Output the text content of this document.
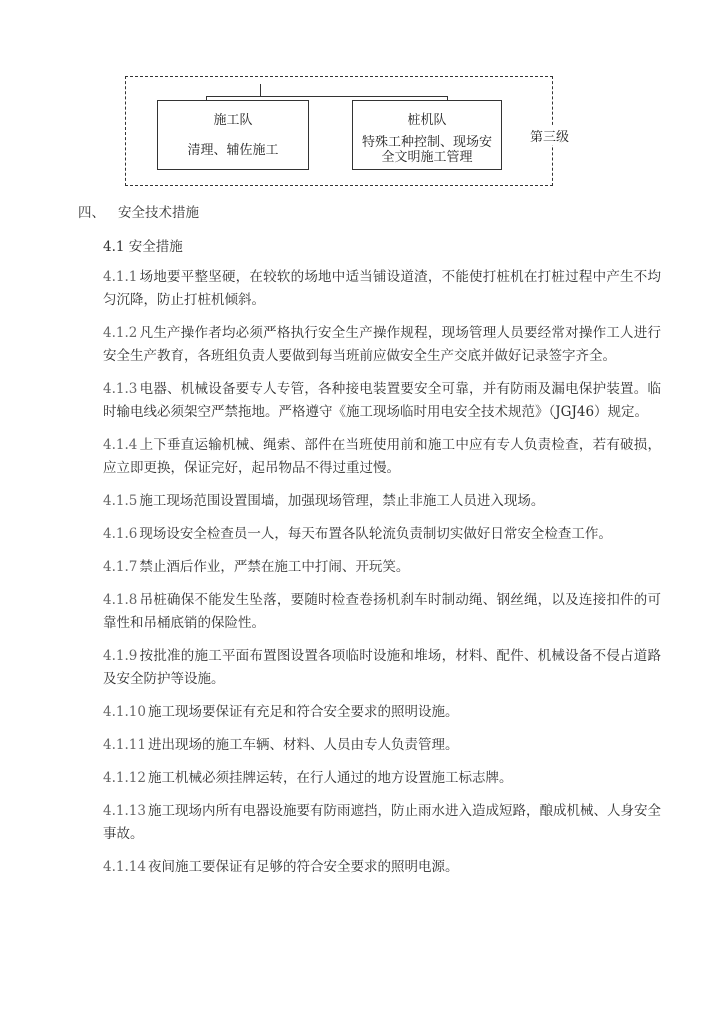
施工队
清理、辅佐施工
桩机队
特殊工种控制、现场安全文明施工管理
第三级
四、 安全技术措施
4.1 安全措施
4.1.1 场地要平整坚硬，在较软的场地中适当铺设道渣，不能使打桩机在打桩过程中产生不均匀沉降，防止打桩机倾斜。
4.1.2 凡生产操作者均必须严格执行安全生产操作规程，现场管理人员要经常对操作工人进行安全生产教育，各班组负责人要做到每当班前应做安全生产交底并做好记录签字齐全。
4.1.3 电器、机械设备要专人专管，各种接电装置要安全可靠，并有防雨及漏电保护装置。临时输电线必须架空严禁拖地。严格遵守《施工现场临时用电安全技术规范》（JGJ46）规定。
4.1.4 上下垂直运输机械、绳索、部件在当班使用前和施工中应有专人负责检查，若有破损，应立即更换，保证完好，起吊物品不得过重过慢。
4.1.5 施工现场范围设置围墙，加强现场管理，禁止非施工人员进入现场。
4.1.6 现场设安全检查员一人，每天布置各队轮流负责制切实做好日常安全检查工作。
4.1.7 禁止酒后作业，严禁在施工中打闹、开玩笑。
4.1.8 吊桩确保不能发生坠落，要随时检查卷扬机刹车时制动绳、钢丝绳，以及连接扣件的可靠性和吊桶底销的保险性。
4.1.9 按批准的施工平面布置图设置各项临时设施和堆场，材料、配件、机械设备不侵占道路及安全防护等设施。
4.1.10 施工现场要保证有充足和符合安全要求的照明设施。
4.1.11 进出现场的施工车辆、材料、人员由专人负责管理。
4.1.12 施工机械必须挂牌运转，在行人通过的地方设置施工标志牌。
4.1.13 施工现场内所有电器设施要有防雨遮挡，防止雨水进入造成短路，酿成机械、人身安全事故。
4.1.14 夜间施工要保证有足够的符合安全要求的照明电源。
